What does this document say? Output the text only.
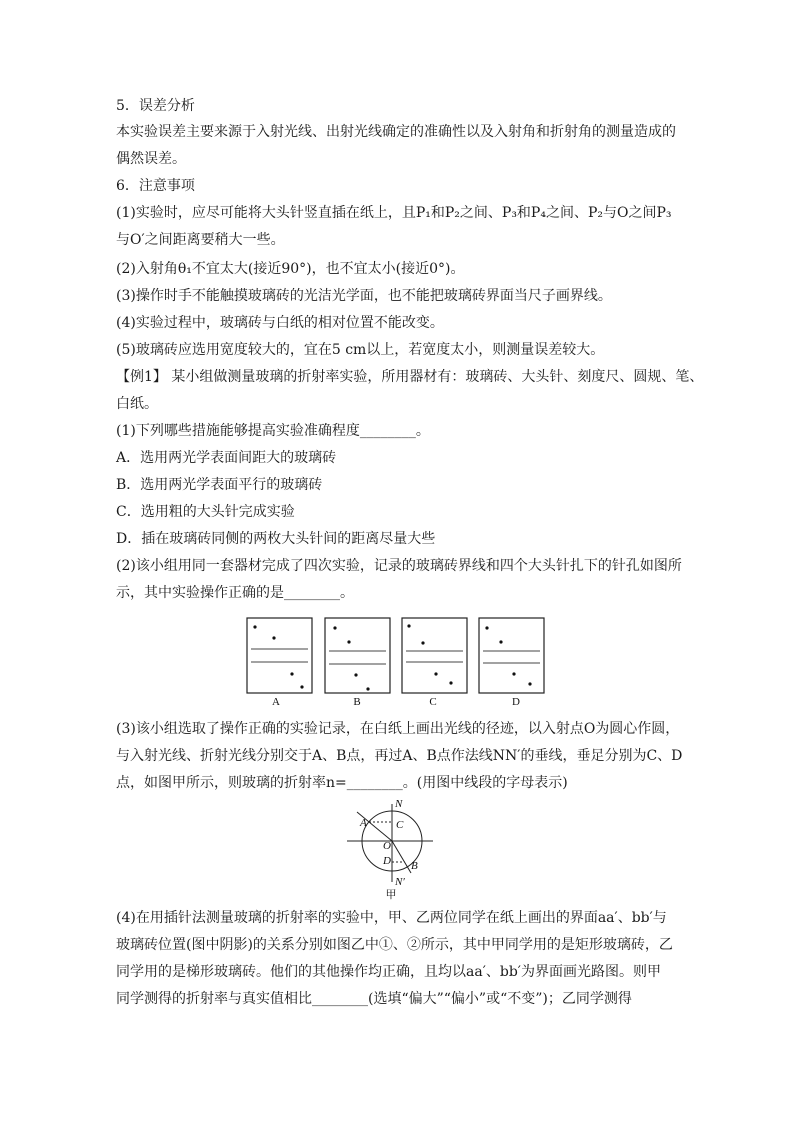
5．误差分析
本实验误差主要来源于入射光线、出射光线确定的准确性以及入射角和折射角的测量造成的
偶然误差。
6．注意事项
(1)实验时，应尽可能将大头针竖直插在纸上，且P₁和P₂之间、P₃和P₄之间、P₂与O之间P₃
与O′之间距离要稍大一些。
(2)入射角θ₁不宜太大(接近90°)，也不宜太小(接近0°)。
(3)操作时手不能触摸玻璃砖的光洁光学面，也不能把玻璃砖界面当尺子画界线。
(4)实验过程中，玻璃砖与白纸的相对位置不能改变。
(5)玻璃砖应选用宽度较大的，宜在5 cm以上，若宽度太小，则测量误差较大。
【例1】 某小组做测量玻璃的折射率实验，所用器材有：玻璃砖、大头针、刻度尺、圆规、笔、
白纸。
(1)下列哪些措施能够提高实验准确程度________。
A．选用两光学表面间距大的玻璃砖
B．选用两光学表面平行的玻璃砖
C．选用粗的大头针完成实验
D．插在玻璃砖同侧的两枚大头针间的距离尽量大些
(2)该小组用同一套器材完成了四次实验，记录的玻璃砖界线和四个大头针扎下的针孔如图所
示，其中实验操作正确的是________。
A	B	C	D
(3)该小组选取了操作正确的实验记录，在白纸上画出光线的径迹，以入射点O为圆心作圆，
与入射光线、折射光线分别交于A、B点，再过A、B点作法线NN′的垂线，垂足分别为C、D
点，如图甲所示，则玻璃的折射率n=________。(用图中线段的字母表示)
N
A	C
O
D B
N′
甲
(4)在用插针法测量玻璃的折射率的实验中，甲、乙两位同学在纸上画出的界面aa′、bb′与
玻璃砖位置(图中阴影)的关系分别如图乙中①、②所示，其中甲同学用的是矩形玻璃砖，乙
同学用的是梯形玻璃砖。他们的其他操作均正确，且均以aa′、bb′为界面画光路图。则甲
同学测得的折射率与真实值相比________(选填“偏大”“偏小”或“不变”)；乙同学测得
